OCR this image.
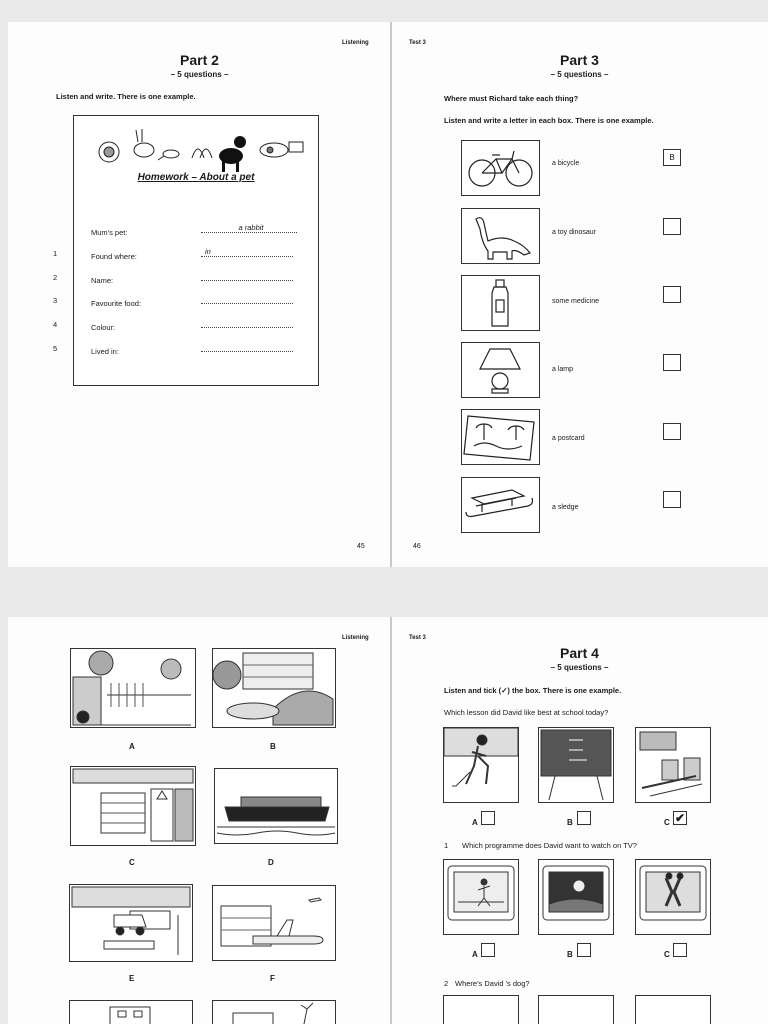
Listening
Part 2
– 5 questions –
Listen and write. There is one example.
Homework – About a pet
Mum's pet:
a rabbit
Found where:
in
Name:
Favourite food:
Colour:
Lived in:
1
2
3
4
5
45
Test 3
Part 3
– 5 questions –
Where must Richard take each thing?
Listen and write a letter in each box. There is one example.
a bicycle
B
a toy dinosaur
some medicine
a lamp
a postcard
a sledge
46
Listening
A	B
C	D
E	F
Test 3
Part 4
– 5 questions –
Listen and tick (✓) the box. There is one example.
Which lesson did David like best at school today?
A	B	C ✔
1 Which programme does David want to watch on TV?
A	B	C
2 Where's David 's dog?
